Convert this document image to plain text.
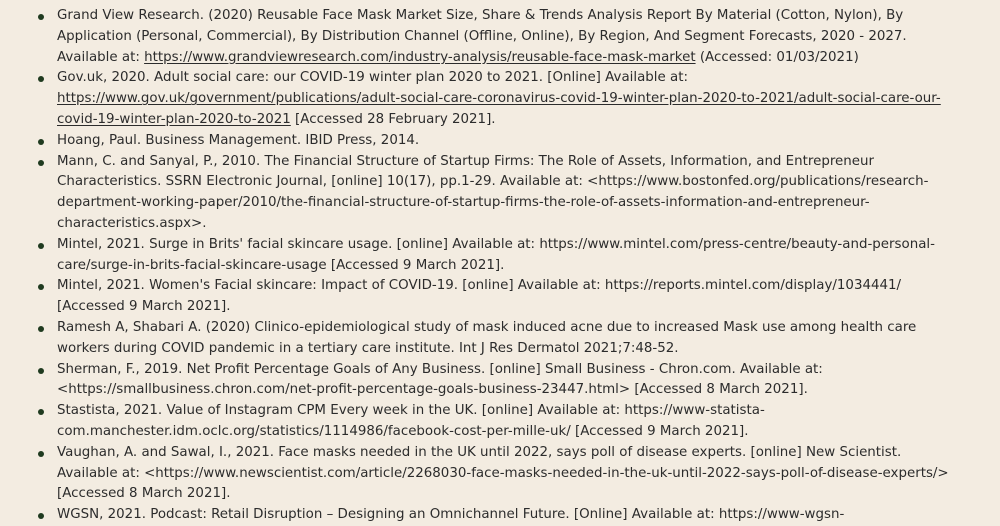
Grand View Research. (2020) Reusable Face Mask Market Size, Share & Trends Analysis Report By Material (Cotton, Nylon), By Application (Personal, Commercial), By Distribution Channel (Offline, Online), By Region, And Segment Forecasts, 2020 - 2027. Available at: https://www.grandviewresearch.com/industry-analysis/reusable-face-mask-market (Accessed: 01/03/2021)
Gov.uk, 2020. Adult social care: our COVID-19 winter plan 2020 to 2021. [Online] Available at: https://www.gov.uk/government/publications/adult-social-care-coronavirus-covid-19-winter-plan-2020-to-2021/adult-social-care-our-covid-19-winter-plan-2020-to-2021 [Accessed 28 February 2021].
Hoang, Paul. Business Management. IBID Press, 2014.
Mann, C. and Sanyal, P., 2010. The Financial Structure of Startup Firms: The Role of Assets, Information, and Entrepreneur Characteristics. SSRN Electronic Journal, [online] 10(17), pp.1-29. Available at: <https://www.bostonfed.org/publications/research-department-working-paper/2010/the-financial-structure-of-startup-firms-the-role-of-assets-information-and-entrepreneur-characteristics.aspx>.
Mintel, 2021. Surge in Brits' facial skincare usage. [online] Available at: https://www.mintel.com/press-centre/beauty-and-personal-care/surge-in-brits-facial-skincare-usage [Accessed 9 March 2021].
Mintel, 2021. Women's Facial skincare: Impact of COVID-19. [online] Available at: https://reports.mintel.com/display/1034441/ [Accessed 9 March 2021].
Ramesh A, Shabari A. (2020) Clinico-epidemiological study of mask induced acne due to increased Mask use among health care workers during COVID pandemic in a tertiary care institute. Int J Res Dermatol 2021;7:48-52.
Sherman, F., 2019. Net Profit Percentage Goals of Any Business. [online] Small Business - Chron.com. Available at: <https://smallbusiness.chron.com/net-profit-percentage-goals-business-23447.html> [Accessed 8 March 2021].
Stastista, 2021. Value of Instagram CPM Every week in the UK. [online] Available at: https://www-statista-com.manchester.idm.oclc.org/statistics/1114986/facebook-cost-per-mille-uk/ [Accessed 9 March 2021].
Vaughan, A. and Sawal, I., 2021. Face masks needed in the UK until 2022, says poll of disease experts. [online] New Scientist. Available at: <https://www.newscientist.com/article/2268030-face-masks-needed-in-the-uk-until-2022-says-poll-of-disease-experts/> [Accessed 8 March 2021].
WGSN, 2021. Podcast: Retail Disruption – Designing an Omnichannel Future. [Online] Available at: https://www-wgsn-
